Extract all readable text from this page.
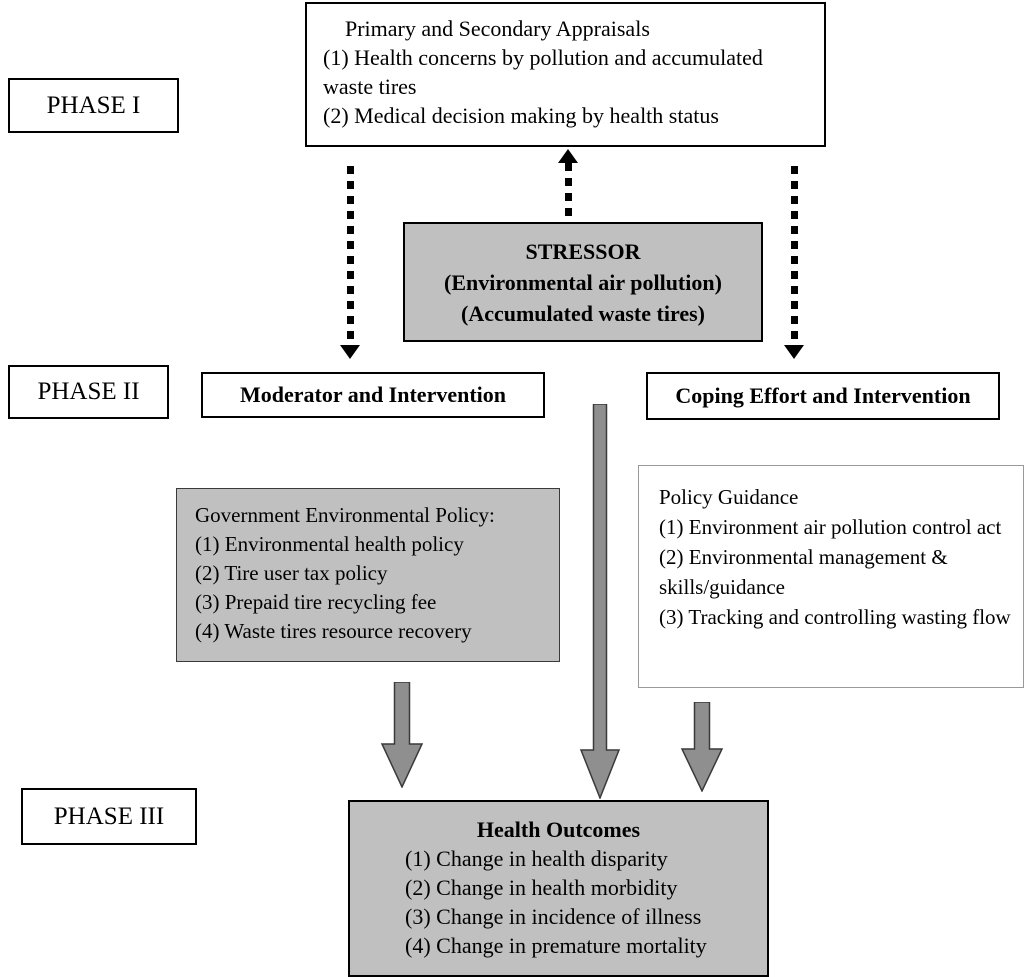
PHASE I
Primary and Secondary Appraisals
(1) Health concerns by pollution and accumulated waste tires
(2) Medical decision making by health status
STRESSOR
(Environmental air pollution)
(Accumulated waste tires)
PHASE II	Moderator and Intervention	Coping Effort and Intervention
Government Environmental Policy:
(1) Environmental health policy
(2) Tire user tax policy
(3) Prepaid tire recycling fee
(4) Waste tires resource recovery
Policy Guidance
(1) Environment air pollution control act
(2) Environmental management & skills/guidance
(3) Tracking and controlling wasting flow
PHASE III	Health Outcomes
(1) Change in health disparity
(2) Change in health morbidity
(3) Change in incidence of illness
(4) Change in premature mortality
